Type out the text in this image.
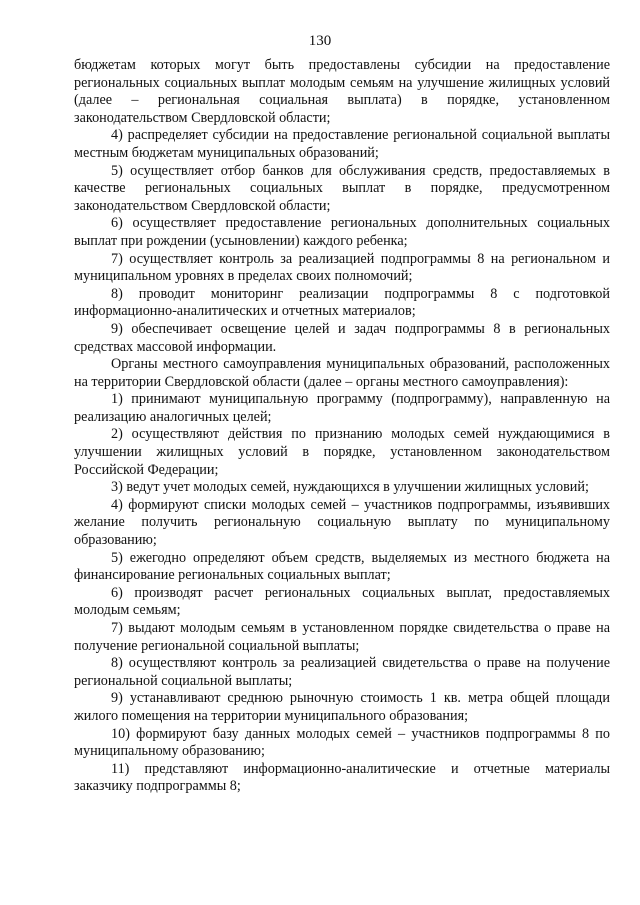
130

бюджетам которых могут быть предоставлены субсидии на предоставление региональных социальных выплат молодым семьям на улучшение жилищных условий (далее – региональная социальная выплата) в порядке, установленном законодательством Свердловской области;

4) распределяет субсидии на предоставление региональной социальной выплаты местным бюджетам муниципальных образований;

5) осуществляет отбор банков для обслуживания средств, предоставляемых в качестве региональных социальных выплат в порядке, предусмотренном законодательством Свердловской области;

6) осуществляет предоставление региональных дополнительных социальных выплат при рождении (усыновлении) каждого ребенка;

7) осуществляет контроль за реализацией подпрограммы 8 на региональном и муниципальном уровнях в пределах своих полномочий;

8) проводит мониторинг реализации подпрограммы 8 с подготовкой информационно-аналитических и отчетных материалов;

9) обеспечивает освещение целей и задач подпрограммы 8 в региональных средствах массовой информации.

Органы местного самоуправления муниципальных образований, расположенных на территории Свердловской области (далее – органы местного самоуправления):

1) принимают муниципальную программу (подпрограмму), направленную на реализацию аналогичных целей;

2) осуществляют действия по признанию молодых семей нуждающимися в улучшении жилищных условий в порядке, установленном законодательством Российской Федерации;

3) ведут учет молодых семей, нуждающихся в улучшении жилищных условий;

4) формируют списки молодых семей – участников подпрограммы, изъявивших желание получить региональную социальную выплату по муниципальному образованию;

5) ежегодно определяют объем средств, выделяемых из местного бюджета на финансирование региональных социальных выплат;

6) производят расчет региональных социальных выплат, предоставляемых молодым семьям;

7) выдают молодым семьям в установленном порядке свидетельства о праве на получение региональной социальной выплаты;

8) осуществляют контроль за реализацией свидетельства о праве на получение региональной социальной выплаты;

9) устанавливают среднюю рыночную стоимость 1 кв. метра общей площади жилого помещения на территории муниципального образования;

10) формируют базу данных молодых семей – участников подпрограммы 8 по муниципальному образованию;

11) представляют информационно-аналитические и отчетные материалы заказчику подпрограммы 8;
